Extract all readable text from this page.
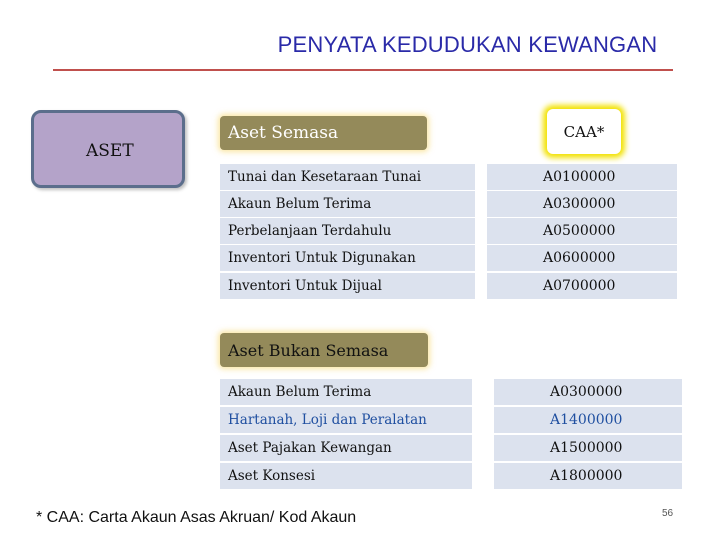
PENYATA KEDUDUKAN KEWANGAN
ASET
Aset Semasa	CAA*
Tunai dan Kesetaraan Tunai	A0100000
Akaun Belum Terima	A0300000
Perbelanjaan Terdahulu	A0500000
Inventori Untuk Digunakan	A0600000
Inventori Untuk Dijual	A0700000
Aset Bukan Semasa
Akaun Belum Terima	A0300000
Hartanah, Loji dan Peralatan	A1400000
Aset Pajakan Kewangan	A1500000
Aset Konsesi	A1800000
* CAA: Carta Akaun Asas Akruan/ Kod Akaun	56
